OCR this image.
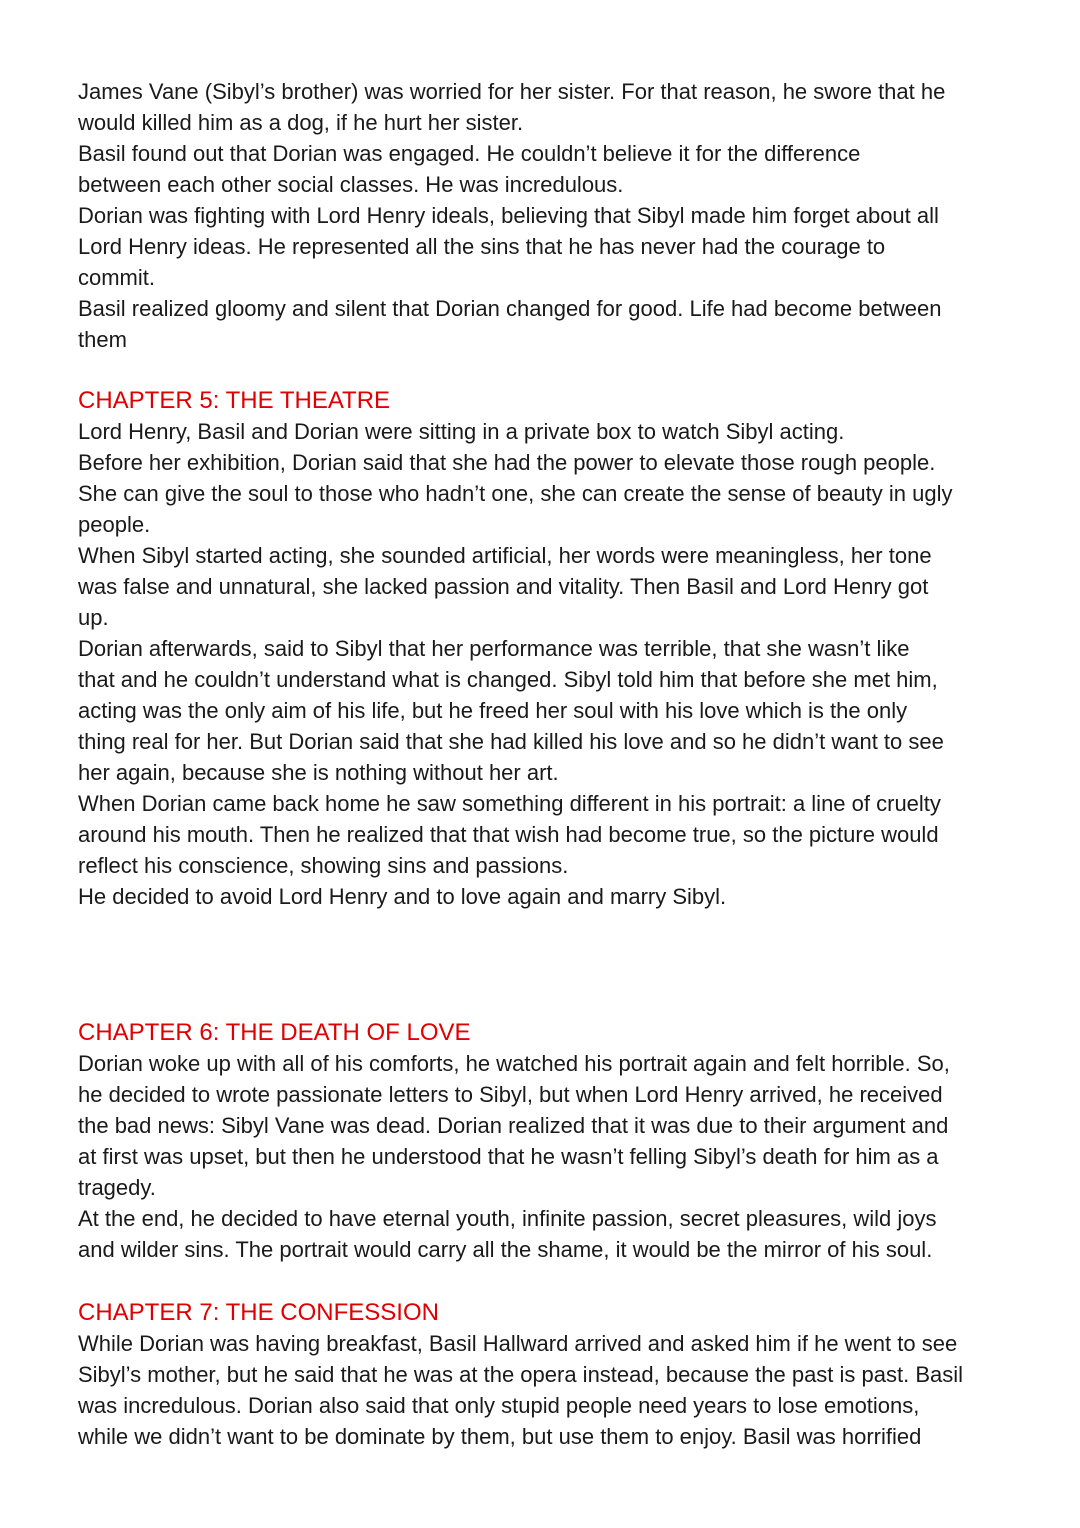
James Vane (Sibyl’s brother) was worried for her sister. For that reason, he swore that he
would killed him as a dog, if he hurt her sister.
Basil found out that Dorian was engaged. He couldn’t believe it for the difference
between each other social classes. He was incredulous.
Dorian was fighting with Lord Henry ideals, believing that Sibyl made him forget about all
Lord Henry ideas. He represented all the sins that he has never had the courage to
commit.
Basil realized gloomy and silent that Dorian changed for good. Life had become between
them
CHAPTER 5: THE THEATRE
Lord Henry, Basil and Dorian were sitting in a private box to watch Sibyl acting.
Before her exhibition, Dorian said that she had the power to elevate those rough people.
She can give the soul to those who hadn’t one, she can create the sense of beauty in ugly
people.
When Sibyl started acting, she sounded artificial, her words were meaningless, her tone
was false and unnatural, she lacked passion and vitality. Then Basil and Lord Henry got
up.
Dorian afterwards, said to Sibyl that her performance was terrible, that she wasn’t like
that and he couldn’t understand what is changed. Sibyl told him that before she met him,
acting was the only aim of his life, but he freed her soul with his love which is the only
thing real for her. But Dorian said that she had killed his love and so he didn’t want to see
her again, because she is nothing without her art.
When Dorian came back home he saw something different in his portrait: a line of cruelty
around his mouth. Then he realized that that wish had become true, so the picture would
reflect his conscience, showing sins and passions.
He decided to avoid Lord Henry and to love again and marry Sibyl.
CHAPTER 6: THE DEATH OF LOVE
Dorian woke up with all of his comforts, he watched his portrait again and felt horrible. So,
he decided to wrote passionate letters to Sibyl, but when Lord Henry arrived, he received
the bad news: Sibyl Vane was dead. Dorian realized that it was due to their argument and
at first was upset, but then he understood that he wasn’t felling Sibyl’s death for him as a
tragedy.
At the end, he decided to have eternal youth, infinite passion, secret pleasures, wild joys
and wilder sins. The portrait would carry all the shame, it would be the mirror of his soul.
CHAPTER 7: THE CONFESSION
While Dorian was having breakfast, Basil Hallward arrived and asked him if he went to see
Sibyl’s mother, but he said that he was at the opera instead, because the past is past. Basil
was incredulous. Dorian also said that only stupid people need years to lose emotions,
while we didn’t want to be dominate by them, but use them to enjoy. Basil was horrified
